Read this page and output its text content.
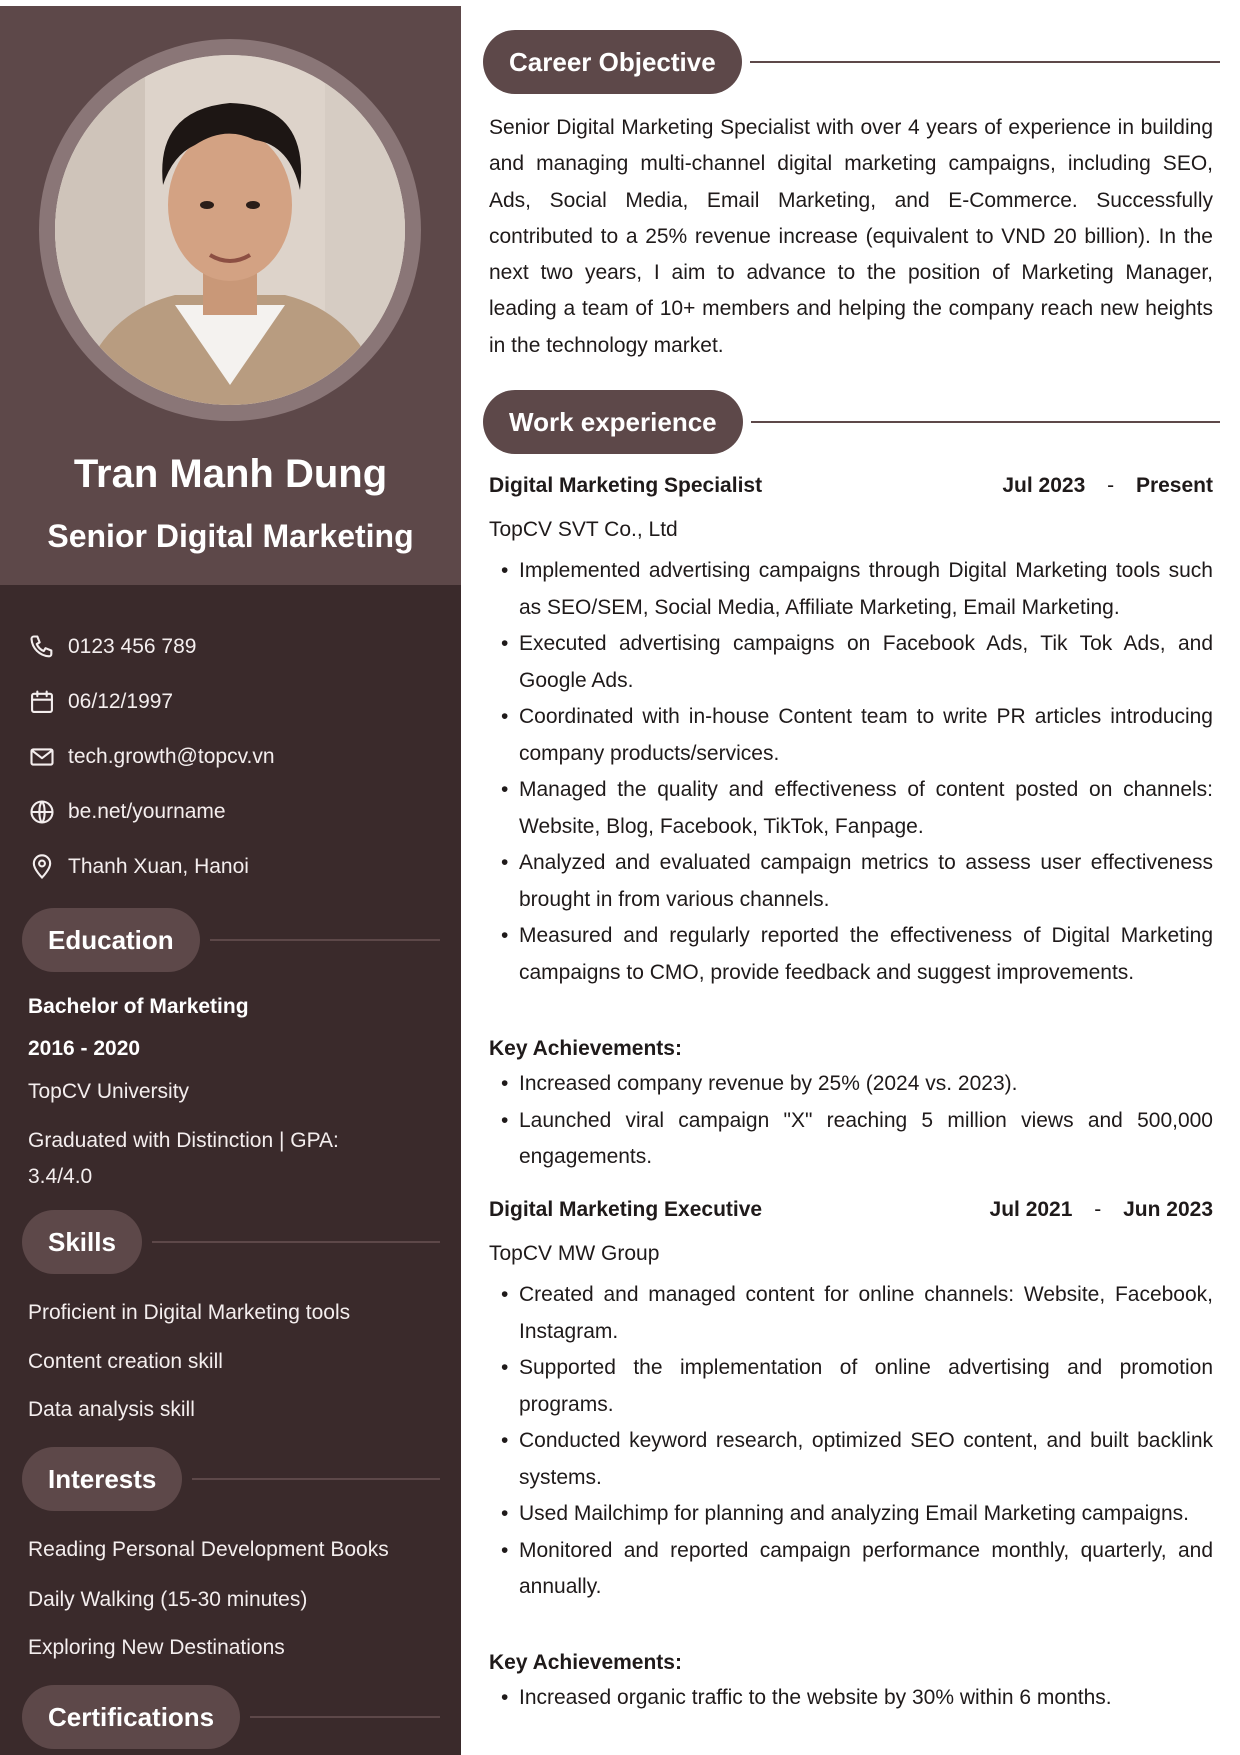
Tran Manh Dung
Senior Digital Marketing
0123 456 789
06/12/1997
tech.growth@topcv.vn
be.net/yourname
Thanh Xuan, Hanoi
Education
Bachelor of Marketing
2016 - 2020
TopCV University
Graduated with Distinction | GPA: 3.4/4.0
Skills
Proficient in Digital Marketing tools
Content creation skill
Data analysis skill
Interests
Reading Personal Development Books
Daily Walking (15-30 minutes)
Exploring New Destinations
Certifications
Career Objective
Senior Digital Marketing Specialist with over 4 years of experience in building and managing multi-channel digital marketing campaigns, including SEO, Ads, Social Media, Email Marketing, and E-Commerce. Successfully contributed to a 25% revenue increase (equivalent to VND 20 billion). In the next two years, I aim to advance to the position of Marketing Manager, leading a team of 10+ members and helping the company reach new heights in the technology market.
Work experience
Digital Marketing Specialist	Jul 2023 - Present
TopCV SVT Co., Ltd
• Implemented advertising campaigns through Digital Marketing tools such as SEO/SEM, Social Media, Affiliate Marketing, Email Marketing.
• Executed advertising campaigns on Facebook Ads, Tik Tok Ads, and Google Ads.
• Coordinated with in-house Content team to write PR articles introducing company products/services.
• Managed the quality and effectiveness of content posted on channels: Website, Blog, Facebook, TikTok, Fanpage.
• Analyzed and evaluated campaign metrics to assess user effectiveness brought in from various channels.
• Measured and regularly reported the effectiveness of Digital Marketing campaigns to CMO, provide feedback and suggest improvements.
Key Achievements:
• Increased company revenue by 25% (2024 vs. 2023).
• Launched viral campaign "X" reaching 5 million views and 500,000 engagements.
Digital Marketing Executive	Jul 2021 - Jun 2023
TopCV MW Group
• Created and managed content for online channels: Website, Facebook, Instagram.
• Supported the implementation of online advertising and promotion programs.
• Conducted keyword research, optimized SEO content, and built backlink systems.
• Used Mailchimp for planning and analyzing Email Marketing campaigns.
• Monitored and reported campaign performance monthly, quarterly, and annually.
Key Achievements:
• Increased organic traffic to the website by 30% within 6 months.
